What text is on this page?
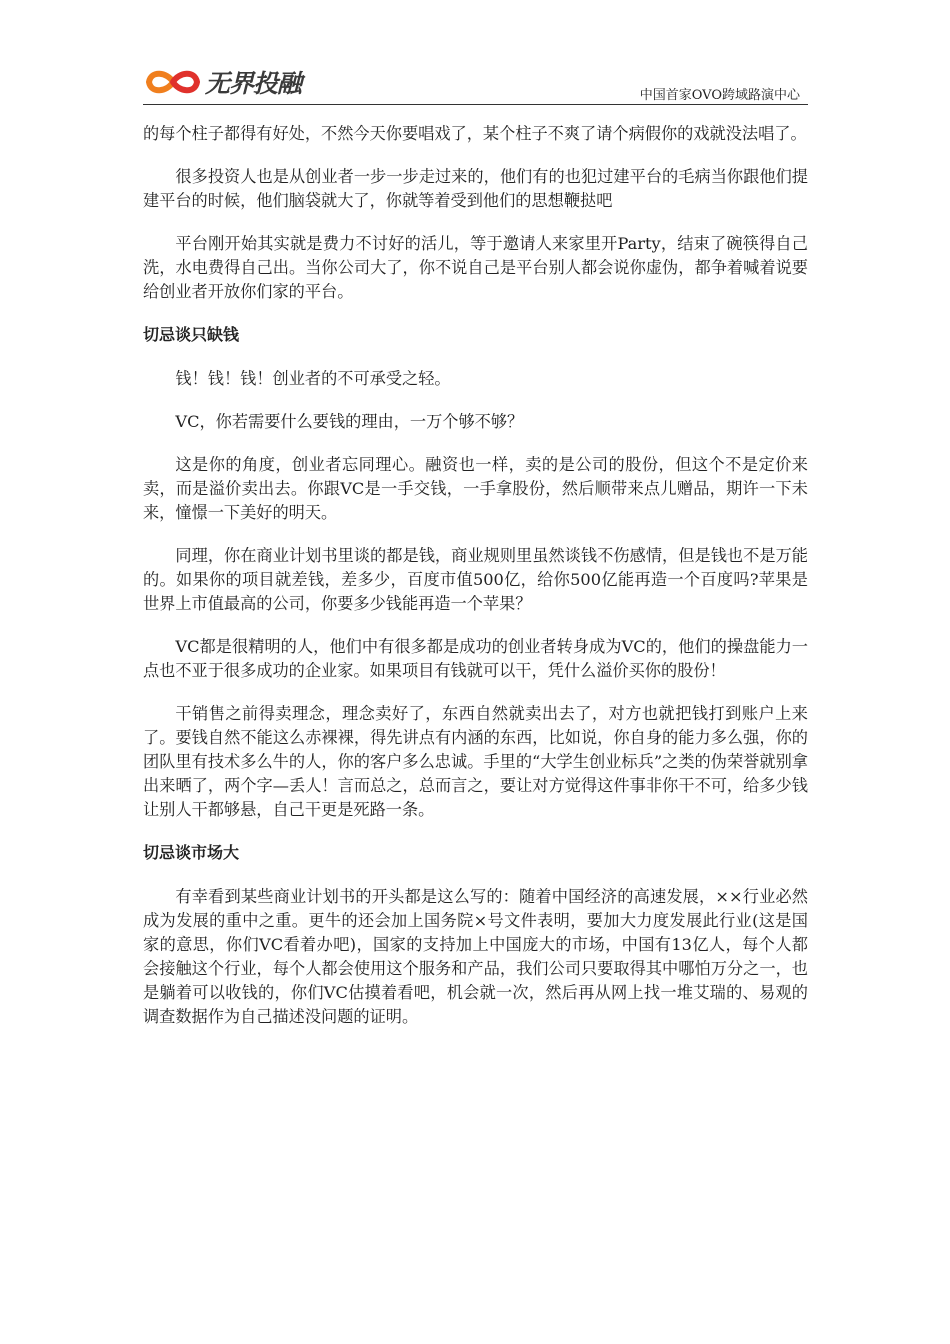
无界投融	中国首家OVO跨域路演中心

的每个柱子都得有好处，不然今天你要唱戏了，某个柱子不爽了请个病假你的戏就没法唱了。

很多投资人也是从创业者一步一步走过来的，他们有的也犯过建平台的毛病当你跟他们提建平台的时候，他们脑袋就大了，你就等着受到他们的思想鞭挞吧

平台刚开始其实就是费力不讨好的活儿，等于邀请人来家里开Party，结束了碗筷得自己洗，水电费得自己出。当你公司大了，你不说自己是平台别人都会说你虚伪，都争着喊着说要给创业者开放你们家的平台。

切忌谈只缺钱

钱！钱！钱！创业者的不可承受之轻。

VC，你若需要什么要钱的理由，一万个够不够？

这是你的角度，创业者忘同理心。融资也一样，卖的是公司的股份，但这个不是定价来卖，而是溢价卖出去。你跟VC是一手交钱，一手拿股份，然后顺带来点儿赠品，期许一下未来，憧憬一下美好的明天。

同理，你在商业计划书里谈的都是钱，商业规则里虽然谈钱不伤感情，但是钱也不是万能的。如果你的项目就差钱，差多少，百度市值500亿，给你500亿能再造一个百度吗?苹果是世界上市值最高的公司，你要多少钱能再造一个苹果？

VC都是很精明的人，他们中有很多都是成功的创业者转身成为VC的，他们的操盘能力一点也不亚于很多成功的企业家。如果项目有钱就可以干，凭什么溢价买你的股份！

干销售之前得卖理念，理念卖好了，东西自然就卖出去了，对方也就把钱打到账户上来了。要钱自然不能这么赤裸裸，得先讲点有内涵的东西，比如说，你自身的能力多么强，你的团队里有技术多么牛的人，你的客户多么忠诚。手里的“大学生创业标兵”之类的伪荣誉就别拿出来晒了，两个字—丢人！言而总之，总而言之，要让对方觉得这件事非你干不可，给多少钱让别人干都够悬，自己干更是死路一条。

切忌谈市场大

有幸看到某些商业计划书的开头都是这么写的：随着中国经济的高速发展，××行业必然成为发展的重中之重。更牛的还会加上国务院×号文件表明，要加大力度发展此行业(这是国家的意思，你们VC看着办吧)，国家的支持加上中国庞大的市场，中国有13亿人，每个人都会接触这个行业，每个人都会使用这个服务和产品，我们公司只要取得其中哪怕万分之一，也是躺着可以收钱的，你们VC估摸着看吧，机会就一次，然后再从网上找一堆艾瑞的、易观的调查数据作为自己描述没问题的证明。
